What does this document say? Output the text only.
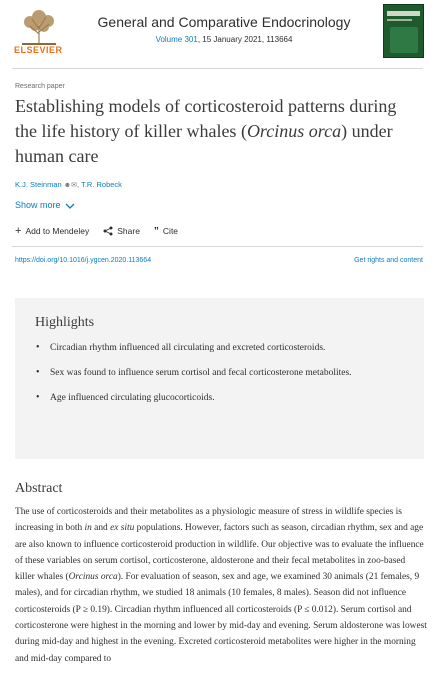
ELSEVIER
General and Comparative Endocrinology
Volume 301, 15 January 2021, 113664
Research paper
Establishing models of corticosteroid patterns during the life history of killer whales (Orcinus orca) under human care
K.J. Steinman ☻✉, T.R. Robeck
Show more
+ Add to Mendeley	Share ” Cite
https://doi.org/10.1016/j.ygcen.2020.113664	Get rights and content
Highlights
• Circadian rhythm influenced all circulating and excreted corticosteroids.
• Sex was found to influence serum cortisol and fecal corticosterone metabolites.
• Age influenced circulating glucocorticoids.
Abstract

The use of corticosteroids and their metabolites as a physiologic measure of stress in wildlife species is increasing in both in and ex situ populations. However, factors such as season, circadian rhythm, sex and age are also known to influence corticosteroid production in wildlife. Our objective was to evaluate the influence of these variables on serum cortisol, corticosterone, aldosterone and their fecal metabolites in zoo-based killer whales (Orcinus orca). For evaluation of season, sex and age, we examined 30 animals (21 females, 9 males), and for circadian rhythm, we studied 18 animals (10 females, 8 males). Season did not influence corticosteroids (P ≥ 0.19). Circadian rhythm influenced all corticosteroids (P ≤ 0.012). Serum cortisol and corticosterone were highest in the morning and lower by mid-day and evening. Serum aldosterone was lowest during mid-day and highest in the evening. Excreted corticosteroid metabolites were higher in the morning and mid-day compared to
